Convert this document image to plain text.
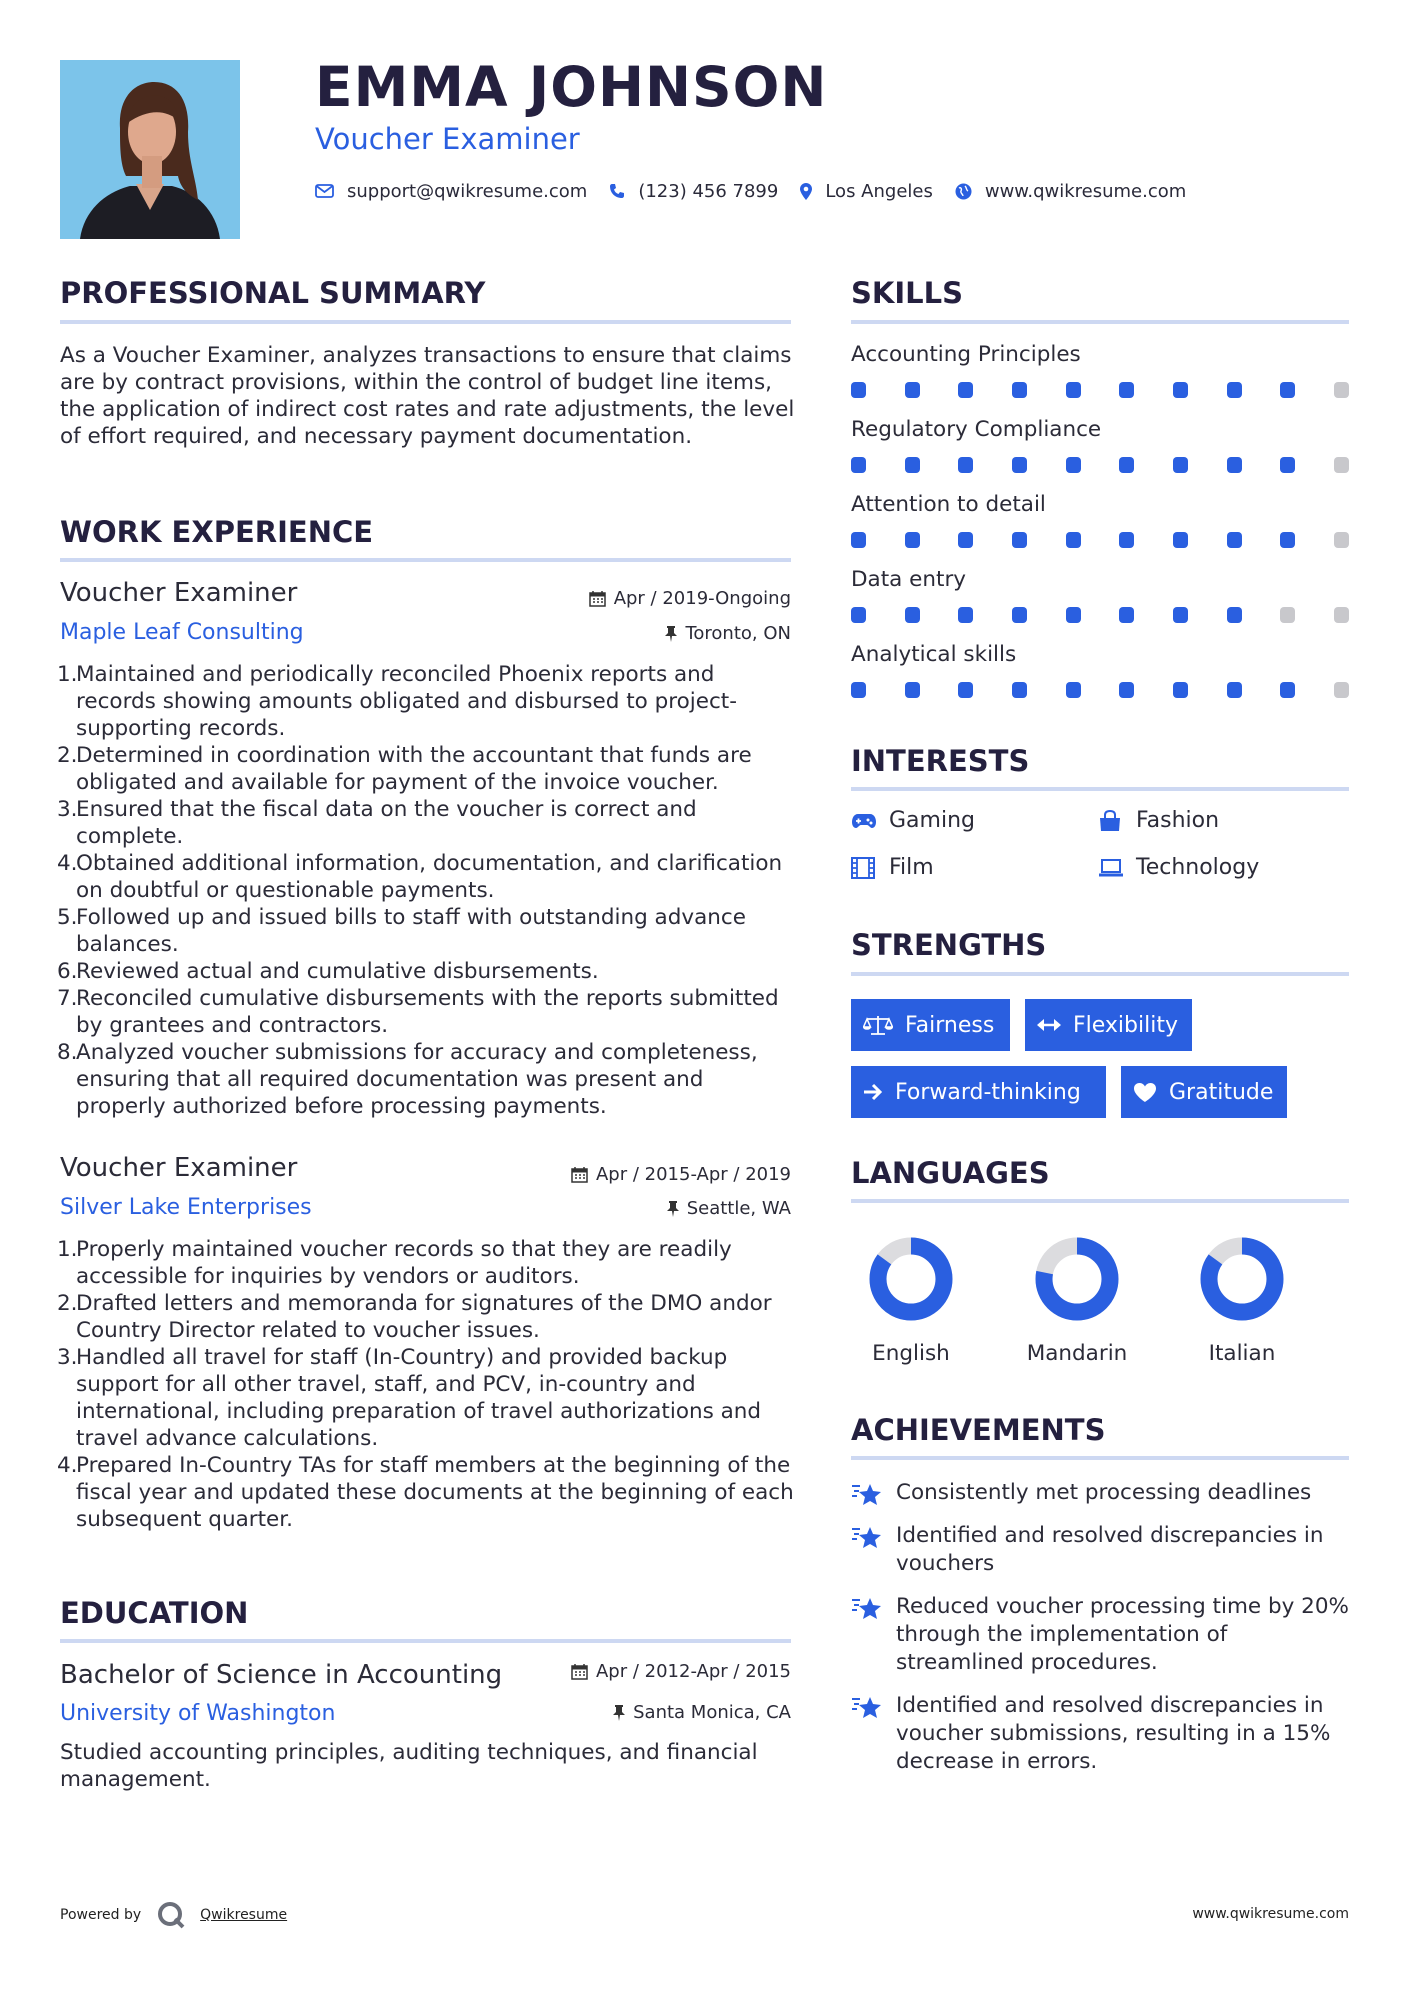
EMMA JOHNSON
Voucher Examiner
support@qwikresume.com	(123) 456 7899	Los Angeles	www.qwikresume.com
PROFESSIONAL SUMMARY
As a Voucher Examiner, analyzes transactions to ensure that claims are by contract provisions, within the control of budget line items, the application of indirect cost rates and rate adjustments, the level of effort required, and necessary payment documentation.
WORK EXPERIENCE
Voucher Examiner
Maple Leaf Consulting
Apr / 2019-Ongoing
Toronto, ON
1.
Maintained and periodically reconciled Phoenix reports and records showing amounts obligated and disbursed to project-supporting records.
2.
Determined in coordination with the accountant that funds are obligated and available for payment of the invoice voucher.
3.
Ensured that the fiscal data on the voucher is correct and complete.
4.
Obtained additional information, documentation, and clarification on doubtful or questionable payments.
5.
Followed up and issued bills to staff with outstanding advance balances.
6.
Reviewed actual and cumulative disbursements.
7.
Reconciled cumulative disbursements with the reports submitted by grantees and contractors.
8.
Analyzed voucher submissions for accuracy and completeness, ensuring that all required documentation was present and properly authorized before processing payments.
Voucher Examiner
Silver Lake Enterprises
Apr / 2015-Apr / 2019
Seattle, WA
1.
Properly maintained voucher records so that they are readily accessible for inquiries by vendors or auditors.
2.
Drafted letters and memoranda for signatures of the DMO andor Country Director related to voucher issues.
3.
Handled all travel for staff (In-Country) and provided backup support for all other travel, staff, and PCV, in-country and international, including preparation of travel authorizations and travel advance calculations.
4.
Prepared In-Country TAs for staff members at the beginning of the fiscal year and updated these documents at the beginning of each subsequent quarter.
EDUCATION
Bachelor of Science in Accounting
University of Washington
Apr / 2012-Apr / 2015
Santa Monica, CA
Studied accounting principles, auditing techniques, and financial management.
SKILLS
Accounting Principles
Regulatory Compliance
Attention to detail
Data entry
Analytical skills
INTERESTS
Gaming	Fashion
Film	Technology
STRENGTHS
Fairness	Flexibility
Forward-thinking	Gratitude
LANGUAGES
English	Mandarin	Italian
ACHIEVEMENTS
Consistently met processing deadlines
Identified and resolved discrepancies in vouchers
Reduced voucher processing time by 20% through the implementation of streamlined procedures.
Identified and resolved discrepancies in voucher submissions, resulting in a 15% decrease in errors.
Powered by	Qwikresume	www.qwikresume.com
